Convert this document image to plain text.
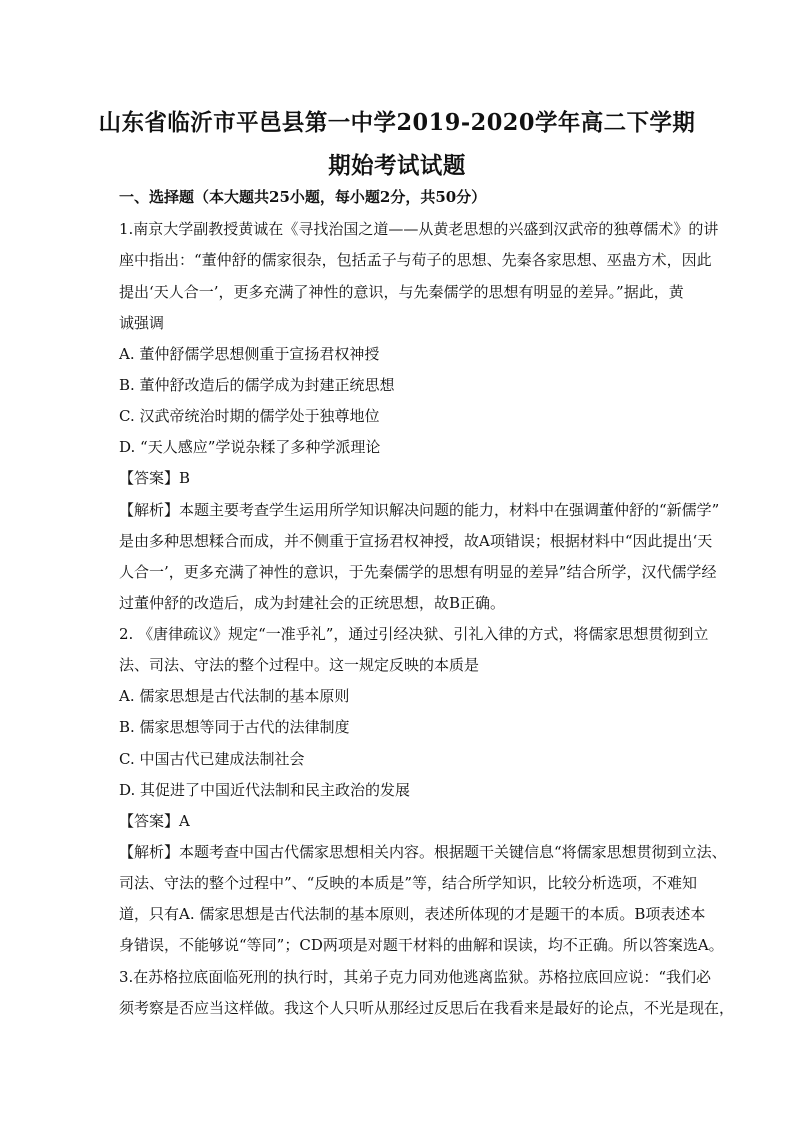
山东省临沂市平邑县第一中学2019-2020学年高二下学期
期始考试试题
一、选择题（本大题共25小题，每小题2分，共50分）
1.南京大学副教授黄诚在《寻找治国之道——从黄老思想的兴盛到汉武帝的独尊儒术》的讲
座中指出：“董仲舒的儒家很杂，包括孟子与荀子的思想、先秦各家思想、巫蛊方术，因此
提出‘天人合一’，更多充满了神性的意识，与先秦儒学的思想有明显的差异。”据此，黄
诚强调
A. 董仲舒儒学思想侧重于宣扬君权神授
B. 董仲舒改造后的儒学成为封建正统思想
C. 汉武帝统治时期的儒学处于独尊地位
D. “天人感应”学说杂糅了多种学派理论
【答案】B
【解析】本题主要考查学生运用所学知识解决问题的能力，材料中在强调董仲舒的“新儒学”
是由多种思想糅合而成，并不侧重于宣扬君权神授，故A项错误；根据材料中“因此提出‘天
人合一’，更多充满了神性的意识，于先秦儒学的思想有明显的差异”结合所学，汉代儒学经
过董仲舒的改造后，成为封建社会的正统思想，故B正确。
2. 《唐律疏议》规定“一准乎礼”，通过引经决狱、引礼入律的方式，将儒家思想贯彻到立
法、司法、守法的整个过程中。这一规定反映的本质是
A. 儒家思想是古代法制的基本原则
B. 儒家思想等同于古代的法律制度
C. 中国古代已建成法制社会
D. 其促进了中国近代法制和民主政治的发展
【答案】A
【解析】本题考查中国古代儒家思想相关内容。根据题干关键信息“将儒家思想贯彻到立法、
司法、守法的整个过程中”、“反映的本质是”等，结合所学知识，比较分析选项，不难知
道，只有A. 儒家思想是古代法制的基本原则，表述所体现的才是题干的本质。B项表述本
身错误，不能够说“等同”；CD两项是对题干材料的曲解和误读，均不正确。所以答案选A。
3.在苏格拉底面临死刑的执行时，其弟子克力同劝他逃离监狱。苏格拉底回应说：“我们必
须考察是否应当这样做。我这个人只听从那经过反思后在我看来是最好的论点，不光是现在，
